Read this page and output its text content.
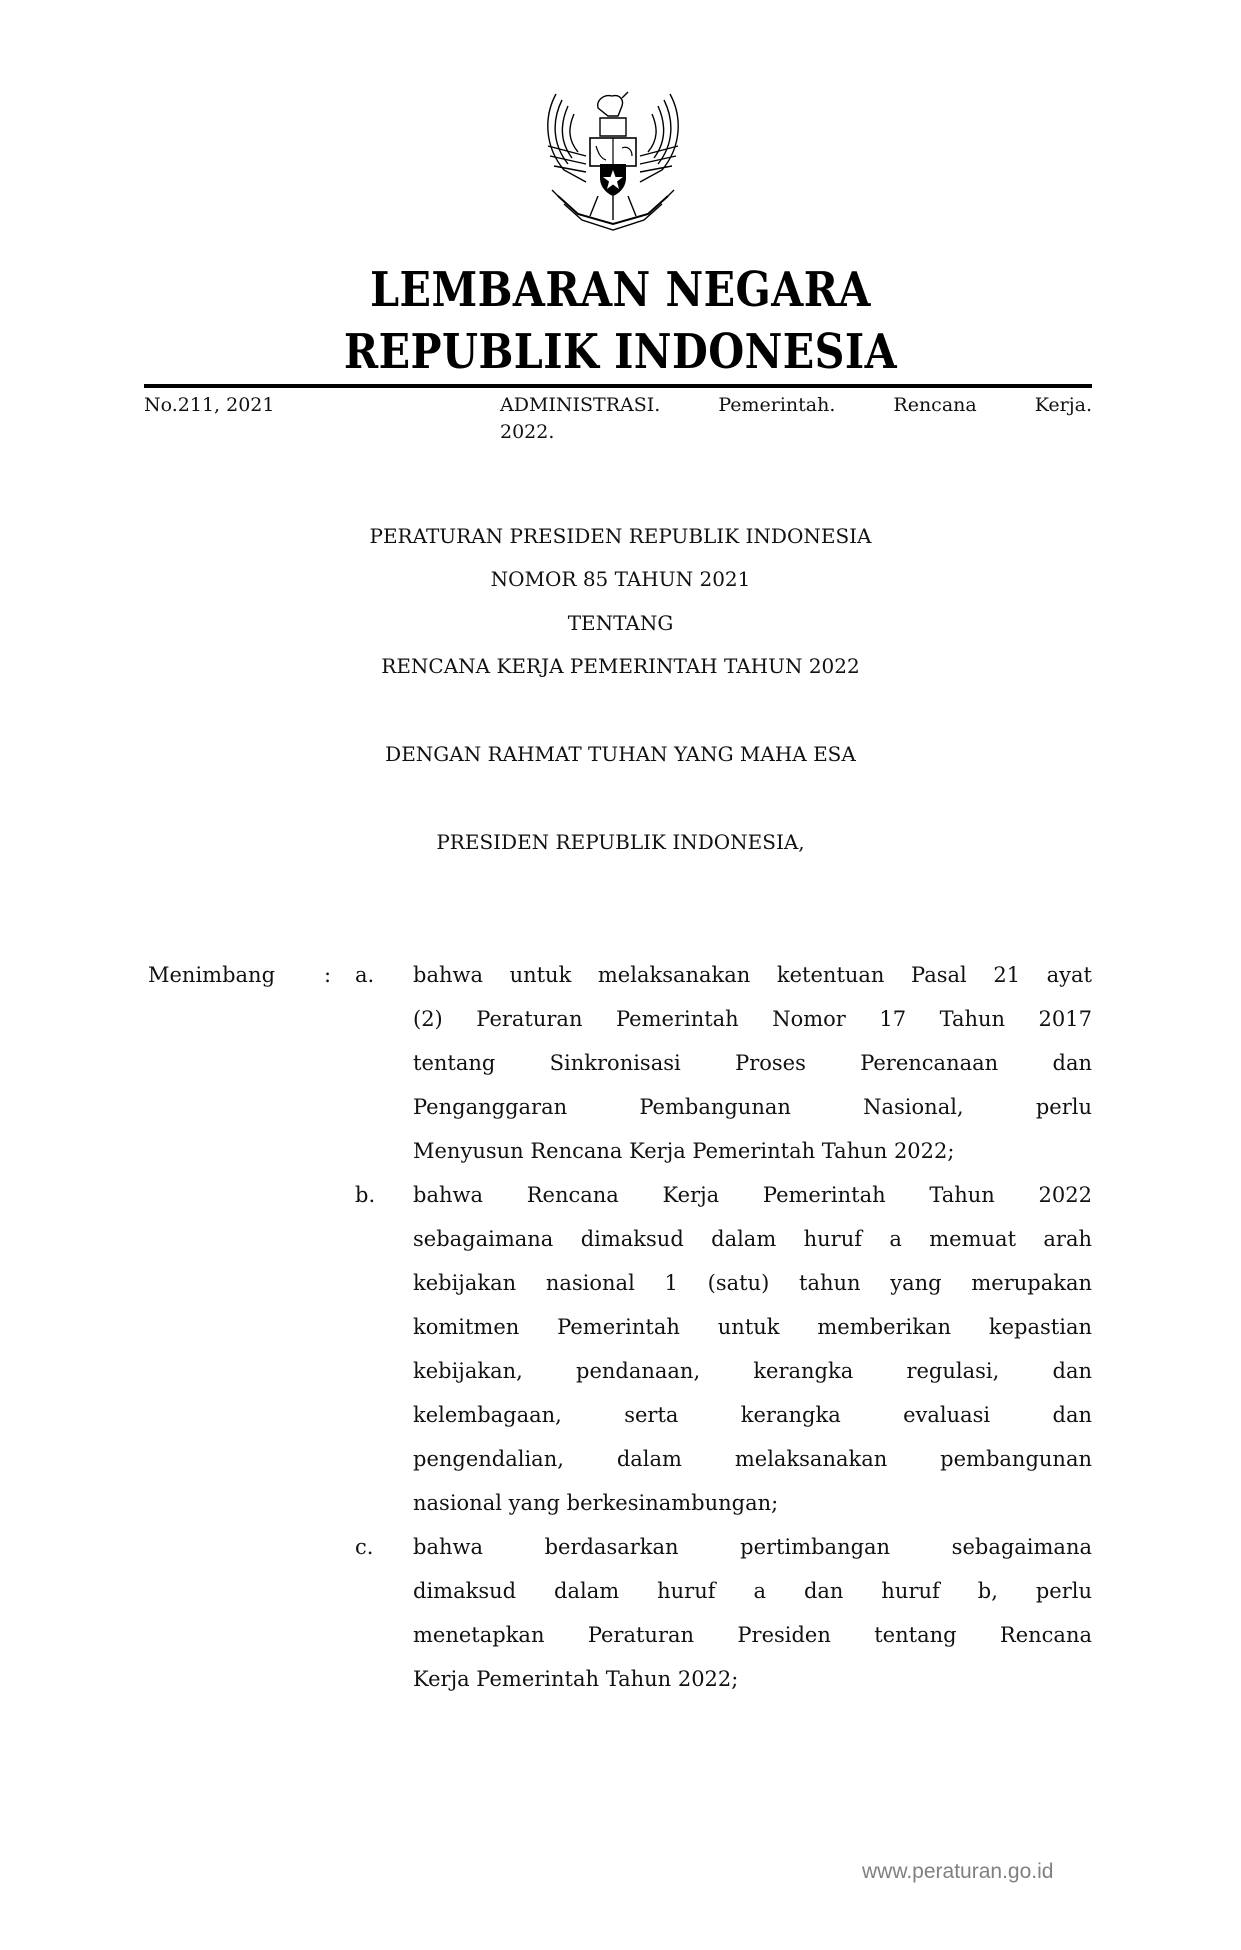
LEMBARAN NEGARA
REPUBLIK INDONESIA
No.211, 2021	ADMINISTRASI. Pemerintah. Rencana Kerja.
2022.
PERATURAN PRESIDEN REPUBLIK INDONESIA
NOMOR 85 TAHUN 2021
TENTANG
RENCANA KERJA PEMERINTAH TAHUN 2022
DENGAN RAHMAT TUHAN YANG MAHA ESA
PRESIDEN REPUBLIK INDONESIA,
Menimbang : a. bahwa untuk melaksanakan ketentuan Pasal 21 ayat
(2) Peraturan Pemerintah Nomor 17 Tahun 2017
tentang Sinkronisasi Proses Perencanaan dan
Penganggaran Pembangunan Nasional, perlu
Menyusun Rencana Kerja Pemerintah Tahun 2022;
b. bahwa Rencana Kerja Pemerintah Tahun 2022
sebagaimana dimaksud dalam huruf a memuat arah
kebijakan nasional 1 (satu) tahun yang merupakan
komitmen Pemerintah untuk memberikan kepastian
kebijakan, pendanaan, kerangka regulasi, dan
kelembagaan, serta kerangka evaluasi dan
pengendalian, dalam melaksanakan pembangunan
nasional yang berkesinambungan;
c. bahwa berdasarkan pertimbangan sebagaimana
dimaksud dalam huruf a dan huruf b, perlu
menetapkan Peraturan Presiden tentang Rencana
Kerja Pemerintah Tahun 2022;
www.peraturan.go.id
